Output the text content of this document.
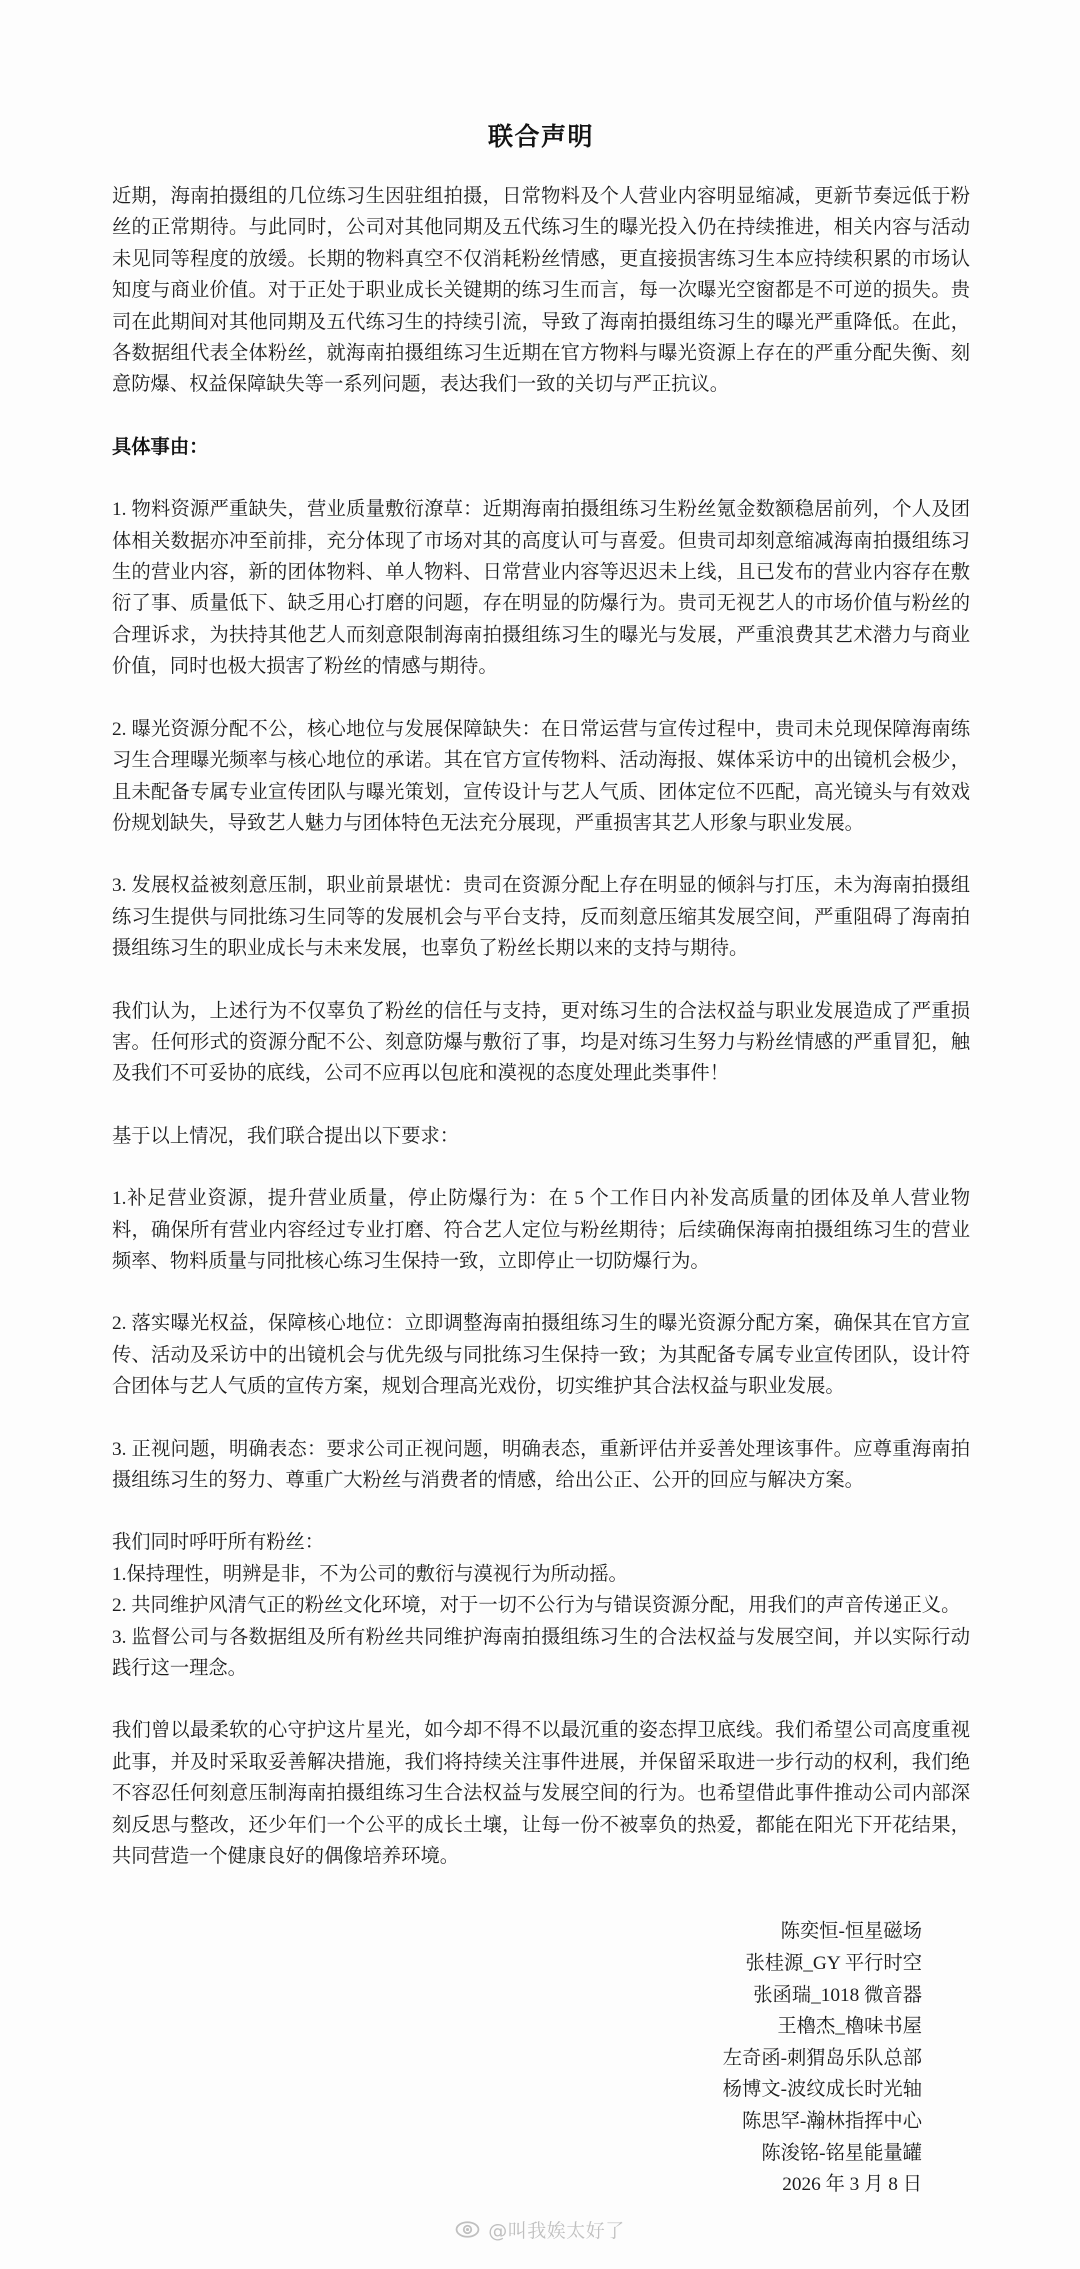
联合声明

近期，海南拍摄组的几位练习生因驻组拍摄，日常物料及个人营业内容明显缩减，更新节奏远低于粉丝的正常期待。与此同时，公司对其他同期及五代练习生的曝光投入仍在持续推进，相关内容与活动未见同等程度的放缓。长期的物料真空不仅消耗粉丝情感，更直接损害练习生本应持续积累的市场认知度与商业价值。对于正处于职业成长关键期的练习生而言，每一次曝光空窗都是不可逆的损失。贵司在此期间对其他同期及五代练习生的持续引流，导致了海南拍摄组练习生的曝光严重降低。在此，各数据组代表全体粉丝，就海南拍摄组练习生近期在官方物料与曝光资源上存在的严重分配失衡、刻意防爆、权益保障缺失等一系列问题，表达我们一致的关切与严正抗议。

具体事由：

1. 物料资源严重缺失，营业质量敷衍潦草：近期海南拍摄组练习生粉丝氪金数额稳居前列，个人及团体相关数据亦冲至前排，充分体现了市场对其的高度认可与喜爱。但贵司却刻意缩减海南拍摄组练习生的营业内容，新的团体物料、单人物料、日常营业内容等迟迟未上线，且已发布的营业内容存在敷衍了事、质量低下、缺乏用心打磨的问题，存在明显的防爆行为。贵司无视艺人的市场价值与粉丝的合理诉求，为扶持其他艺人而刻意限制海南拍摄组练习生的曝光与发展，严重浪费其艺术潜力与商业价值，同时也极大损害了粉丝的情感与期待。

2. 曝光资源分配不公，核心地位与发展保障缺失：在日常运营与宣传过程中，贵司未兑现保障海南练习生合理曝光频率与核心地位的承诺。其在官方宣传物料、活动海报、媒体采访中的出镜机会极少，且未配备专属专业宣传团队与曝光策划，宣传设计与艺人气质、团体定位不匹配，高光镜头与有效戏份规划缺失，导致艺人魅力与团体特色无法充分展现，严重损害其艺人形象与职业发展。

3. 发展权益被刻意压制，职业前景堪忧：贵司在资源分配上存在明显的倾斜与打压，未为海南拍摄组练习生提供与同批练习生同等的发展机会与平台支持，反而刻意压缩其发展空间，严重阻碍了海南拍摄组练习生的职业成长与未来发展，也辜负了粉丝长期以来的支持与期待。

我们认为，上述行为不仅辜负了粉丝的信任与支持，更对练习生的合法权益与职业发展造成了严重损害。任何形式的资源分配不公、刻意防爆与敷衍了事，均是对练习生努力与粉丝情感的严重冒犯，触及我们不可妥协的底线，公司不应再以包庇和漠视的态度处理此类事件！

基于以上情况，我们联合提出以下要求：

1.补足营业资源，提升营业质量，停止防爆行为：在 5 个工作日内补发高质量的团体及单人营业物料，确保所有营业内容经过专业打磨、符合艺人定位与粉丝期待；后续确保海南拍摄组练习生的营业频率、物料质量与同批核心练习生保持一致，立即停止一切防爆行为。

2. 落实曝光权益，保障核心地位：立即调整海南拍摄组练习生的曝光资源分配方案，确保其在官方宣传、活动及采访中的出镜机会与优先级与同批练习生保持一致；为其配备专属专业宣传团队，设计符合团体与艺人气质的宣传方案，规划合理高光戏份，切实维护其合法权益与职业发展。

3. 正视问题，明确表态：要求公司正视问题，明确表态，重新评估并妥善处理该事件。应尊重海南拍摄组练习生的努力、尊重广大粉丝与消费者的情感，给出公正、公开的回应与解决方案。

我们同时呼吁所有粉丝：

1.保持理性，明辨是非，不为公司的敷衍与漠视行为所动摇。

2. 共同维护风清气正的粉丝文化环境，对于一切不公行为与错误资源分配，用我们的声音传递正义。

3. 监督公司与各数据组及所有粉丝共同维护海南拍摄组练习生的合法权益与发展空间，并以实际行动践行这一理念。

我们曾以最柔软的心守护这片星光，如今却不得不以最沉重的姿态捍卫底线。我们希望公司高度重视此事，并及时采取妥善解决措施，我们将持续关注事件进展，并保留采取进一步行动的权利，我们绝不容忍任何刻意压制海南拍摄组练习生合法权益与发展空间的行为。也希望借此事件推动公司内部深刻反思与整改，还少年们一个公平的成长土壤，让每一份不被辜负的热爱，都能在阳光下开花结果，共同营造一个健康良好的偶像培养环境。

陈奕恒-恒星磁场
张桂源_GY 平行时空
张函瑞_1018 微音器
王櫓杰_櫓味书屋
左奇函-刺猬岛乐队总部
杨博文-波纹成长时光轴
陈思罕-瀚林指挥中心
陈浚铭-铭星能量罐
2026 年 3 月 8 日
@叫我娭太好了
